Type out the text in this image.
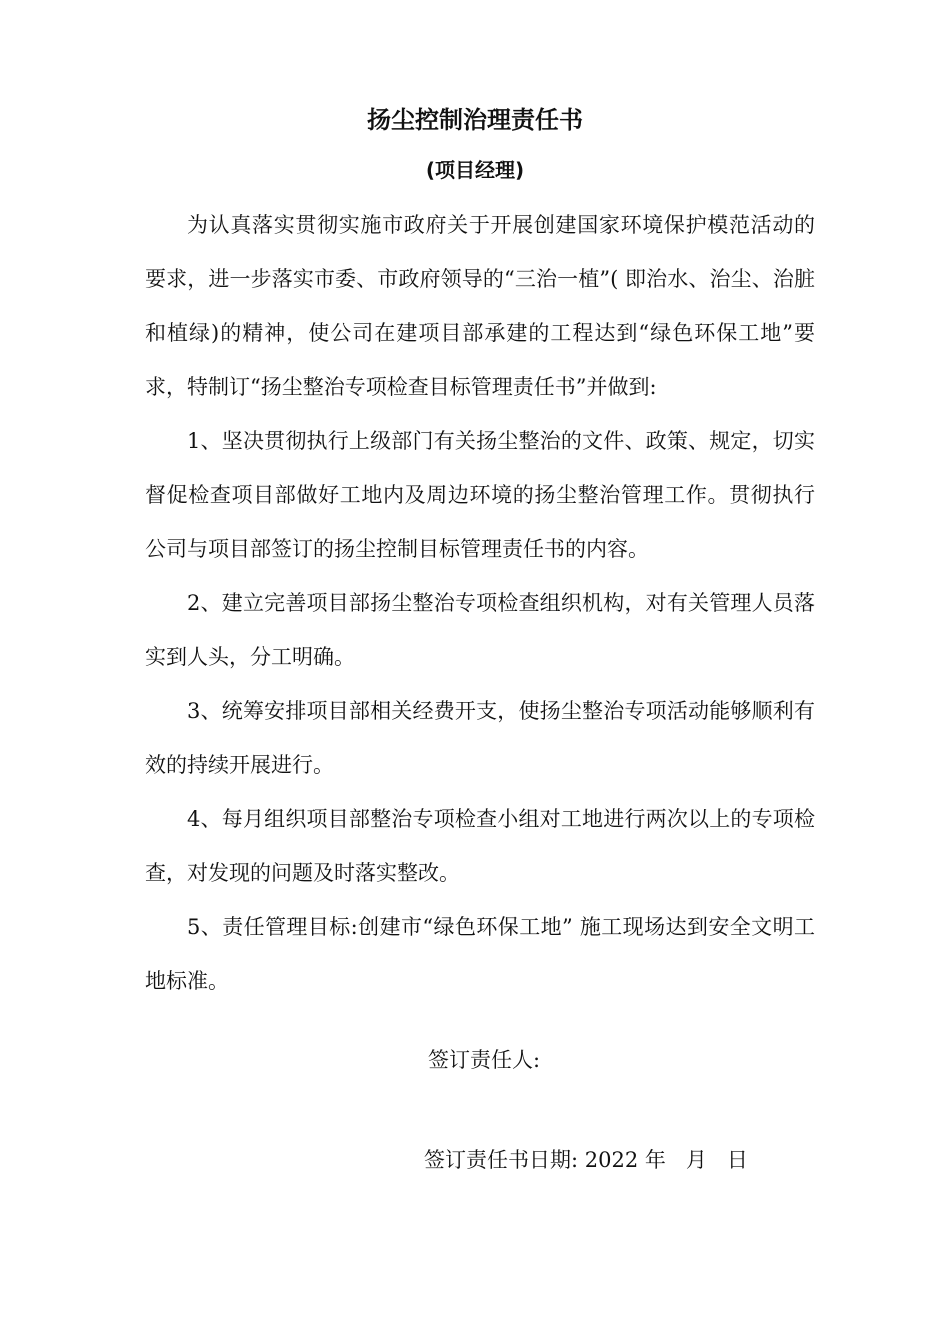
扬尘控制治理责任书
(项目经理)

为认真落实贯彻实施市政府关于开展创建国家环境保护模范活动的要求，进一步落实市委、市政府领导的“三治一植”( 即治水、治尘、治脏和植绿)的精神，使公司在建项目部承建的工程达到“绿色环保工地”要求，特制订“扬尘整治专项检查目标管理责任书”并做到:

1、坚决贯彻执行上级部门有关扬尘整治的文件、政策、规定，切实督促检查项目部做好工地内及周边环境的扬尘整治管理工作。贯彻执行公司与项目部签订的扬尘控制目标管理责任书的内容。

2、建立完善项目部扬尘整治专项检查组织机构，对有关管理人员落实到人头，分工明确。

3、统筹安排项目部相关经费开支，使扬尘整治专项活动能够顺利有效的持续开展进行。

4、每月组织项目部整治专项检查小组对工地进行两次以上的专项检查，对发现的问题及时落实整改。

5、责任管理目标:创建市“绿色环保工地” 施工现场达到安全文明工地标准。

签订责任人:
签订责任书日期: 2022 年   月   日
